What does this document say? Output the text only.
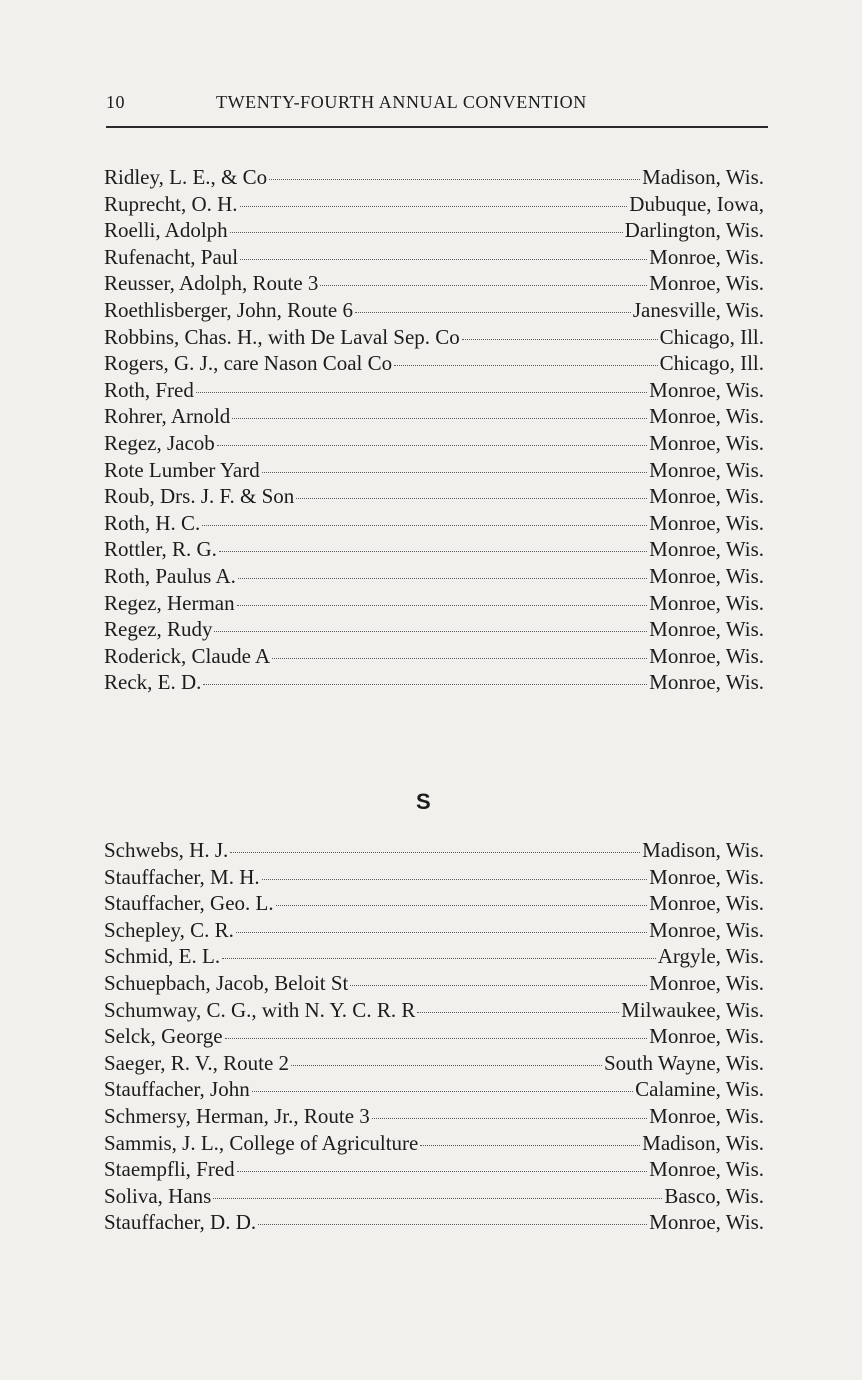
10	TWENTY-FOURTH ANNUAL CONVENTION
Ridley, L. E., & Co	Madison, Wis.
Ruprecht, O. H.	Dubuque, Iowa,
Roelli, Adolph	Darlington, Wis.
Rufenacht, Paul	Monroe, Wis.
Reusser, Adolph, Route 3	Monroe, Wis.
Roethlisberger, John, Route 6	Janesville, Wis.
Robbins, Chas. H., with De Laval Sep. Co	Chicago, Ill.
Rogers, G. J., care Nason Coal Co	Chicago, Ill.
Roth, Fred	Monroe, Wis.
Rohrer, Arnold	Monroe, Wis.
Regez, Jacob	Monroe, Wis.
Rote Lumber Yard	Monroe, Wis.
Roub, Drs. J. F. & Son	Monroe, Wis.
Roth, H. C.	Monroe, Wis.
Rottler, R. G.	Monroe, Wis.
Roth, Paulus A.	Monroe, Wis.
Regez, Herman	Monroe, Wis.
Regez, Rudy	Monroe, Wis.
Roderick, Claude A	Monroe, Wis.
Reck, E. D.	Monroe, Wis.
S
Schwebs, H. J.	Madison, Wis.
Stauffacher, M. H.	Monroe, Wis.
Stauffacher, Geo. L.	Monroe, Wis.
Schepley, C. R.	Monroe, Wis.
Schmid, E. L.	Argyle, Wis.
Schuepbach, Jacob, Beloit St	Monroe, Wis.
Schumway, C. G., with N. Y. C. R. R	Milwaukee, Wis.
Selck, George	Monroe, Wis.
Saeger, R. V., Route 2	South Wayne, Wis.
Stauffacher, John	Calamine, Wis.
Schmersy, Herman, Jr., Route 3	Monroe, Wis.
Sammis, J. L., College of Agriculture	Madison, Wis.
Staempfli, Fred	Monroe, Wis.
Soliva, Hans	Basco, Wis.
Stauffacher, D. D.	Monroe, Wis.
